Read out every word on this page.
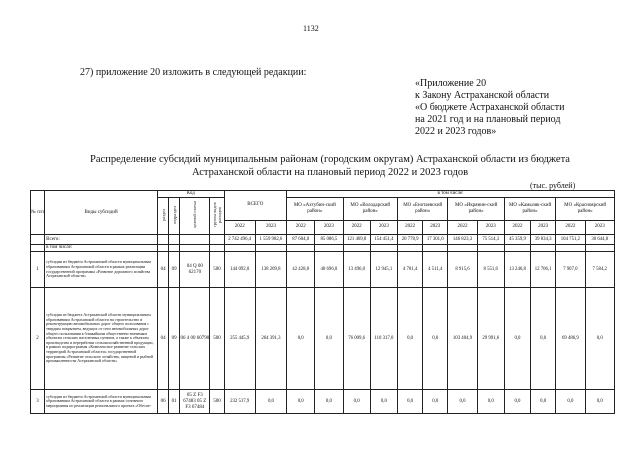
1132
27) приложение 20 изложить в следующей редакции:
«Приложение 20
к Закону Астраханской области
«О бюджете Астраханской области
на 2021 год и на плановый период
2022 и 2023 годов»
Распределение субсидий муниципальным районам (городским округам) Астраханской области из бюджета
Астраханской области на плановый период 2022 и 2023 годов
(тыс. рублей)
№ п/п	Виды субсидий	Код				ВСЕГО		в том числе:											
		раздел	подраздел	целевой статьи	группы видов расходов			МО «Ахтубин-ский район»		МО «Володарский район»		МО «Енотаевский район»		МО «Икрянин-ский район»		МО «Камызяк-ский район»		МО «Красноярский район»	
						2022	2023	2022	2023	2022	2023	2022	2023	2022	2023	2022	2023	2022	2023
	Всего:					2 742 496,4	1 559 982,6	87 604,0	85 086,5	121 469,8	154 451,4	20 778,9	17 301,0	146 823,3	75 514,3	45 359,9	39 834,3	104 751,2	30 644,8
	в том числе:																		
1	субсидии из бюджета Астраханской области муниципальным образованиям Астраханской области в рамках реализации государственной программы «Развитие дорожного хозяйства Астраханской области»	04	09	04 Q 00 62170	500	144 092,0	138 209,8	42 428,0	40 696,0	13 496,0	12 945,1	4 701,4	4 511,4	8 915,6	8 551,6	13 246,8	12 706,1	7 907,0	7 584,2
2	субсидия из бюджета Астраханской области муниципальным образованиям Астраханской области на строительство и реконструкцию автомобильных дорог общего пользования с твердым покрытием, ведущих от сети автомобильных дорог общего пользования к ближайшим общественно значимым объектам сельских населенных пунктов, а также к объектам производства и переработки сельскохозяйственной продукции, в рамках подпрограммы «Комплексное развитие сельских территорий Астраханской области» государственной программы «Развитие сельского хозяйства, пищевой и рыбной промышленности Астраханской области»	04	09	06 4 00 60790	500	255 445,9	264 391,3	0,0	0,0	76 009,6	110 317,0	0,0	0,0	103 404,9	29 991,6	0,0	0,0	69 486,9	0,0
3	субсидии из бюджета Астраханской области муниципальным образованиям Астраханской области в рамках основного мероприятия по реализации регионального проекта «Обеспе-	06	01	05 Z F3 67483 05 Z F3 67484	500	232 517,9	0,0	0,0	0,0	0,0	0,0	0,0	0,0	0,0	0,0	0,0	0,0	0,0	0,0
